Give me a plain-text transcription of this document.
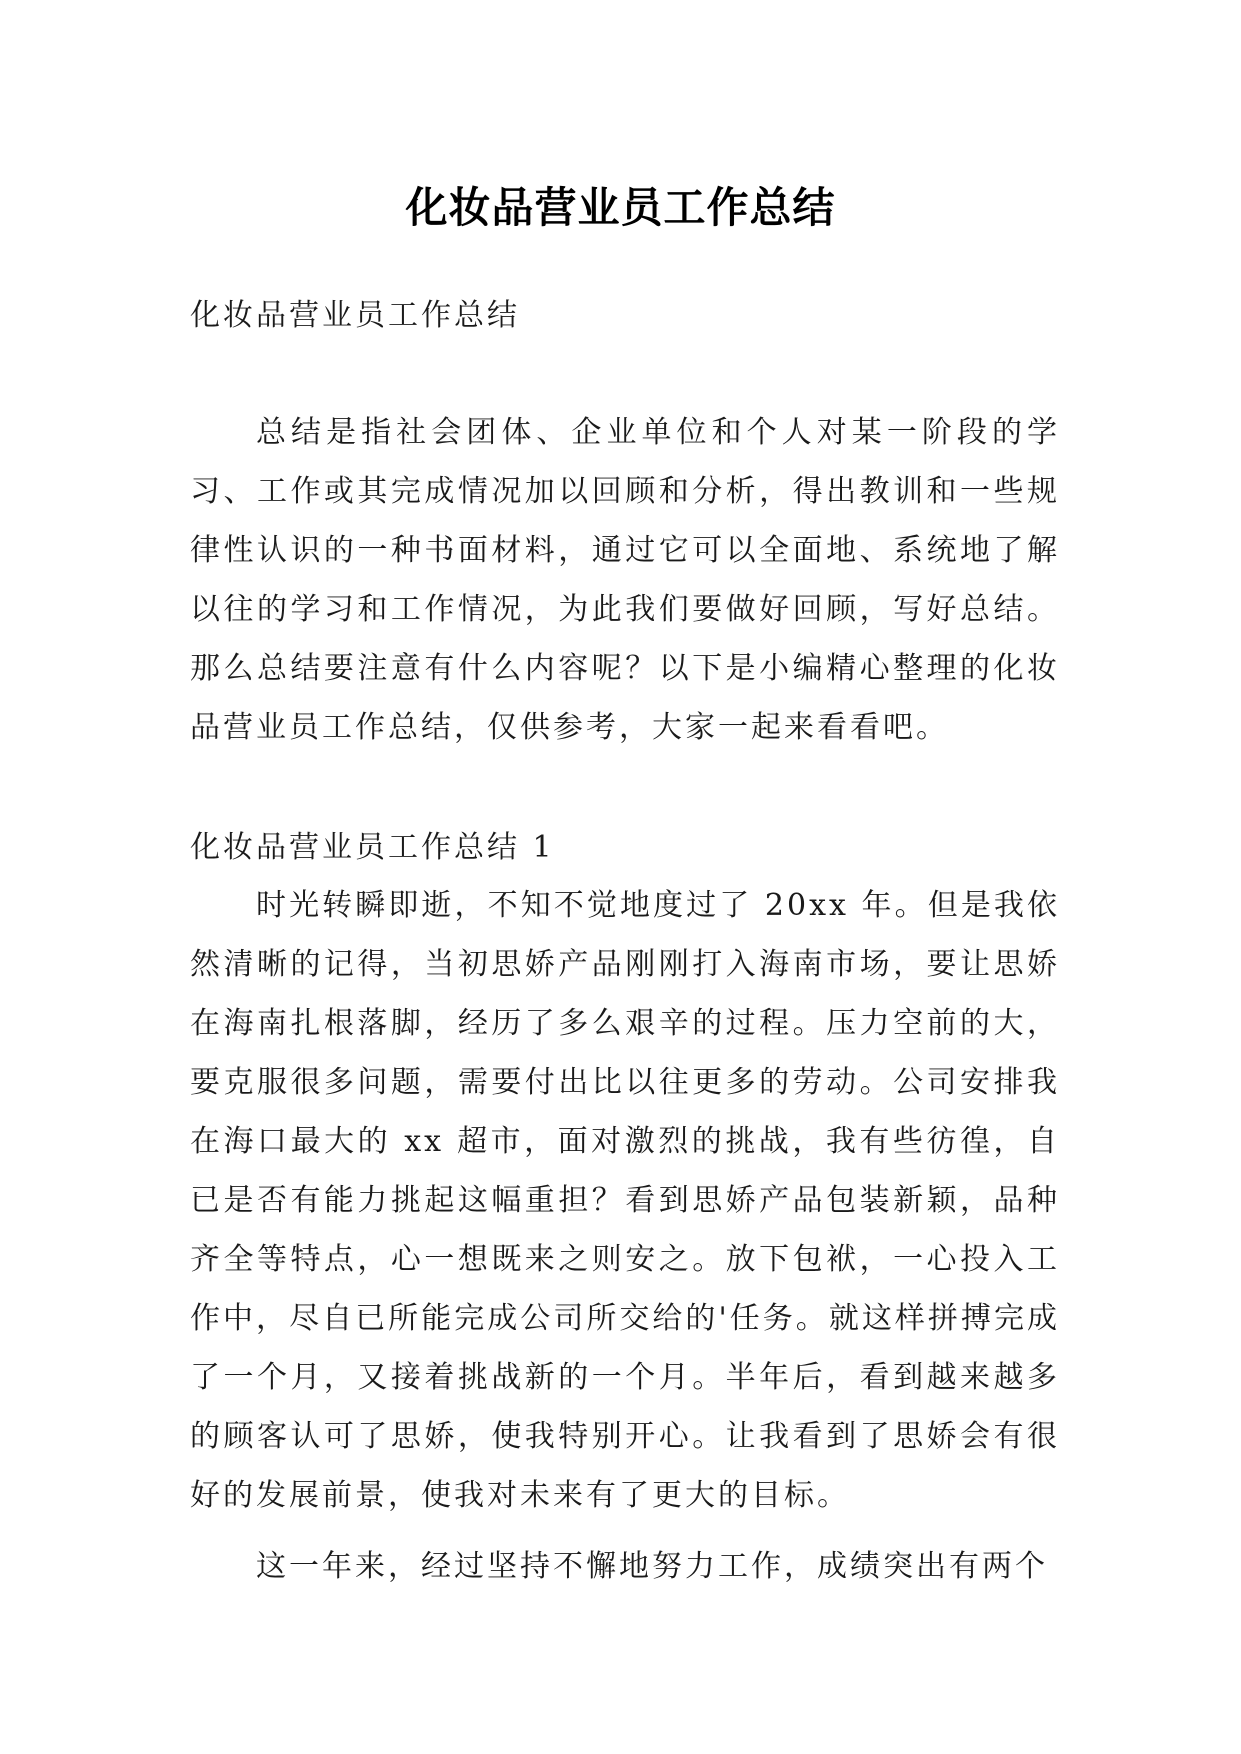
化妆品营业员工作总结

化妆品营业员工作总结

总结是指社会团体、企业单位和个人对某一阶段的学习、工作或其完成情况加以回顾和分析，得出教训和一些规律性认识的一种书面材料，通过它可以全面地、系统地了解以往的学习和工作情况，为此我们要做好回顾，写好总结。那么总结要注意有什么内容呢？以下是小编精心整理的化妆品营业员工作总结，仅供参考，大家一起来看看吧。

化妆品营业员工作总结 1

时光转瞬即逝，不知不觉地度过了 20xx 年。但是我依然清晰的记得，当初思娇产品刚刚打入海南市场，要让思娇在海南扎根落脚，经历了多么艰辛的过程。压力空前的大，要克服很多问题，需要付出比以往更多的劳动。公司安排我在海口最大的 xx 超市，面对激烈的挑战，我有些彷徨，自已是否有能力挑起这幅重担？看到思娇产品包装新颖，品种齐全等特点，心一想既来之则安之。放下包袱，一心投入工作中，尽自已所能完成公司所交给的'任务。就这样拼搏完成了一个月，又接着挑战新的一个月。半年后，看到越来越多的顾客认可了思娇，使我特别开心。让我看到了思娇会有很好的发展前景，使我对未来有了更大的目标。

这一年来，经过坚持不懈地努力工作，成绩突出有两个
